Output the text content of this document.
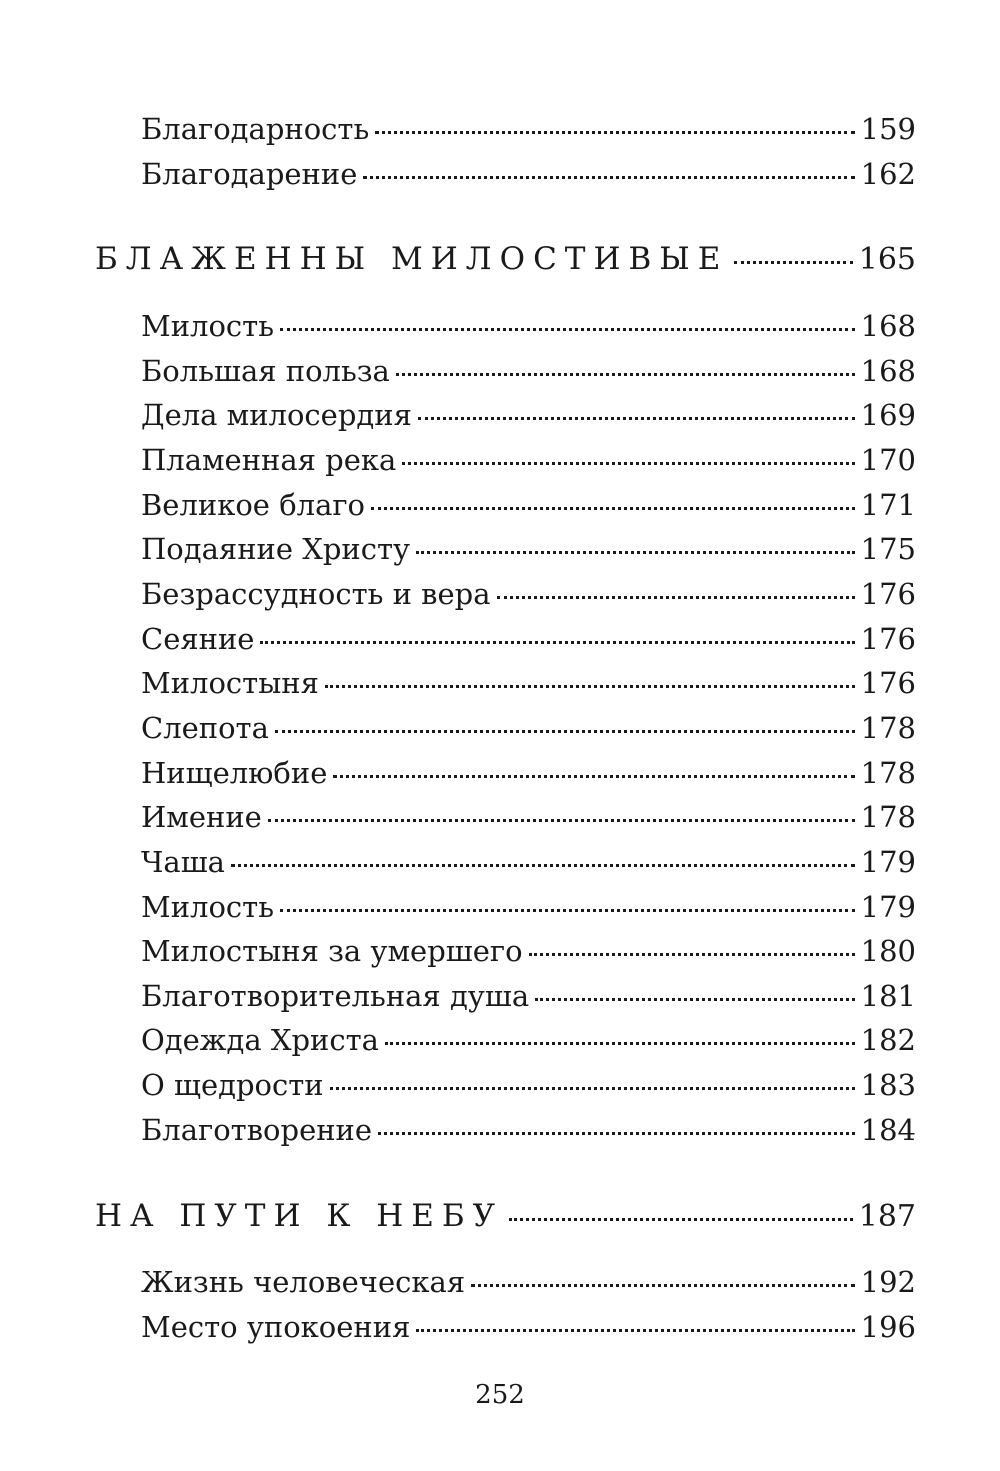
Благодарность	159
Благодарение	162
БЛАЖЕННЫ МИЛОСТИВЫЕ	165
Милость	168
Большая польза	168
Дела милосердия	169
Пламенная река	170
Великое благо	171
Подаяние Христу	175
Безрассудность и вера	176
Сеяние	176
Милостыня	176
Слепота	178
Нищелюбие	178
Имение	178
Чаша	179
Милость	179
Милостыня за умершего	180
Благотворительная душа	181
Одежда Христа	182
О щедрости	183
Благотворение	184
НА ПУТИ К НЕБУ	187
Жизнь человеческая	192
Место упокоения	196
252
